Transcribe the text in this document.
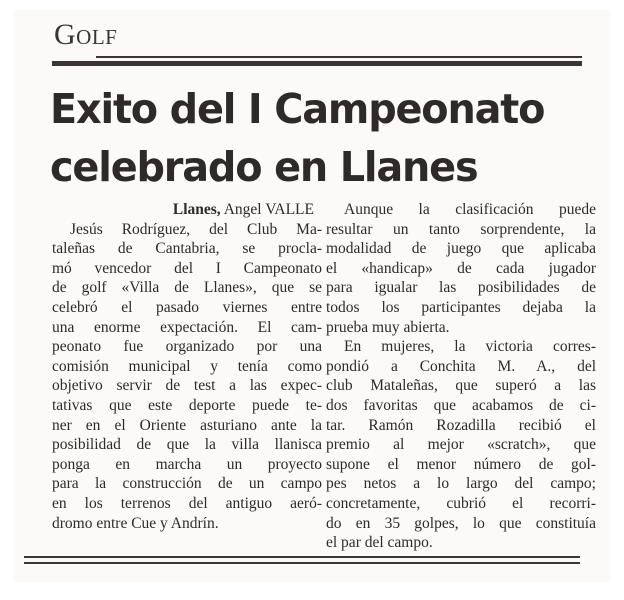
GOLF
Exito del I Campeonato
celebrado en Llanes
Llanes, Angel VALLE

Jesús Rodríguez, del Club Ma-
taleñas de Cantabria, se procla-
mó vencedor del I Campeonato
de golf «Villa de Llanes», que se
celebró el pasado viernes entre
una enorme expectación. El cam-
peonato fue organizado por una
comisión municipal y tenía como
objetivo servir de test a las expec-
tativas que este deporte puede te-
ner en el Oriente asturiano ante la
posibilidad de que la villa llanisca
ponga en marcha un proyecto
para la construcción de un campo
en los terrenos del antiguo aeró-
dromo entre Cue y Andrín.

Aunque la clasificación puede
resultar un tanto sorprendente, la
modalidad de juego que aplicaba
el «handicap» de cada jugador
para igualar las posibilidades de
todos los participantes dejaba la
prueba muy abierta.

En mujeres, la victoria corres-
pondió a Conchita M. A., del
club Mataleñas, que superó a las
dos favoritas que acabamos de ci-
tar. Ramón Rozadilla recibió el
premio al mejor «scratch», que
supone el menor número de gol-
pes netos a lo largo del campo;
concretamente, cubrió el recorri-
do en 35 golpes, lo que constituía
el par del campo.
